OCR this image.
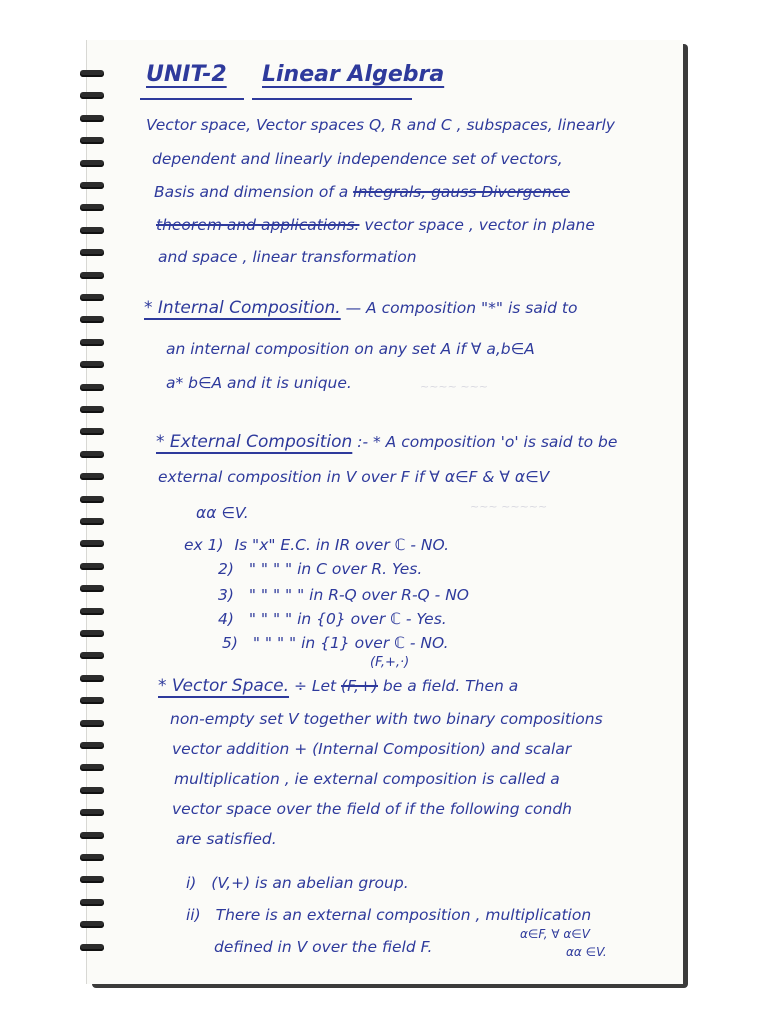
~~~~ ~~~
~~~ ~~~~~
UNIT-2 Linear Algebra
Vector space, Vector spaces Q, R and C , subspaces, linearly
dependent and linearly independence set of vectors,
Basis and dimension of a Integrals, gauss Divergence
theorem and applications. vector space , vector in plane
and space , linear transformation
* Internal Composition. — A composition "*" is said to
an internal composition on any set A if ∀ a,b∈A
a* b∈A and it is unique.
* External Composition :- * A composition 'o' is said to be
external composition in V over F if ∀ α∈F & ∀ α∈V
αα ∈V.
ex 1) Is "x" E.C. in IR over ℂ - NO.
2) " " " " in C over R. Yes.
3) " " " " " in R-Q over R-Q - NO
4) " " " " in {0} over ℂ - Yes.
5) " " " " in {1} over ℂ - NO.
(F,+,·)
* Vector Space. ÷ Let (F,+) be a field. Then a
non-empty set V together with two binary compositions
vector addition + (Internal Composition) and scalar
multiplication , ie external composition is called a
vector space over the field of if the following condh
are satisfied.
i) (V,+) is an abelian group.
ii) There is an external composition , multiplication
defined in V over the field F.
α∈F, ∀ α∈V
αα ∈V.
